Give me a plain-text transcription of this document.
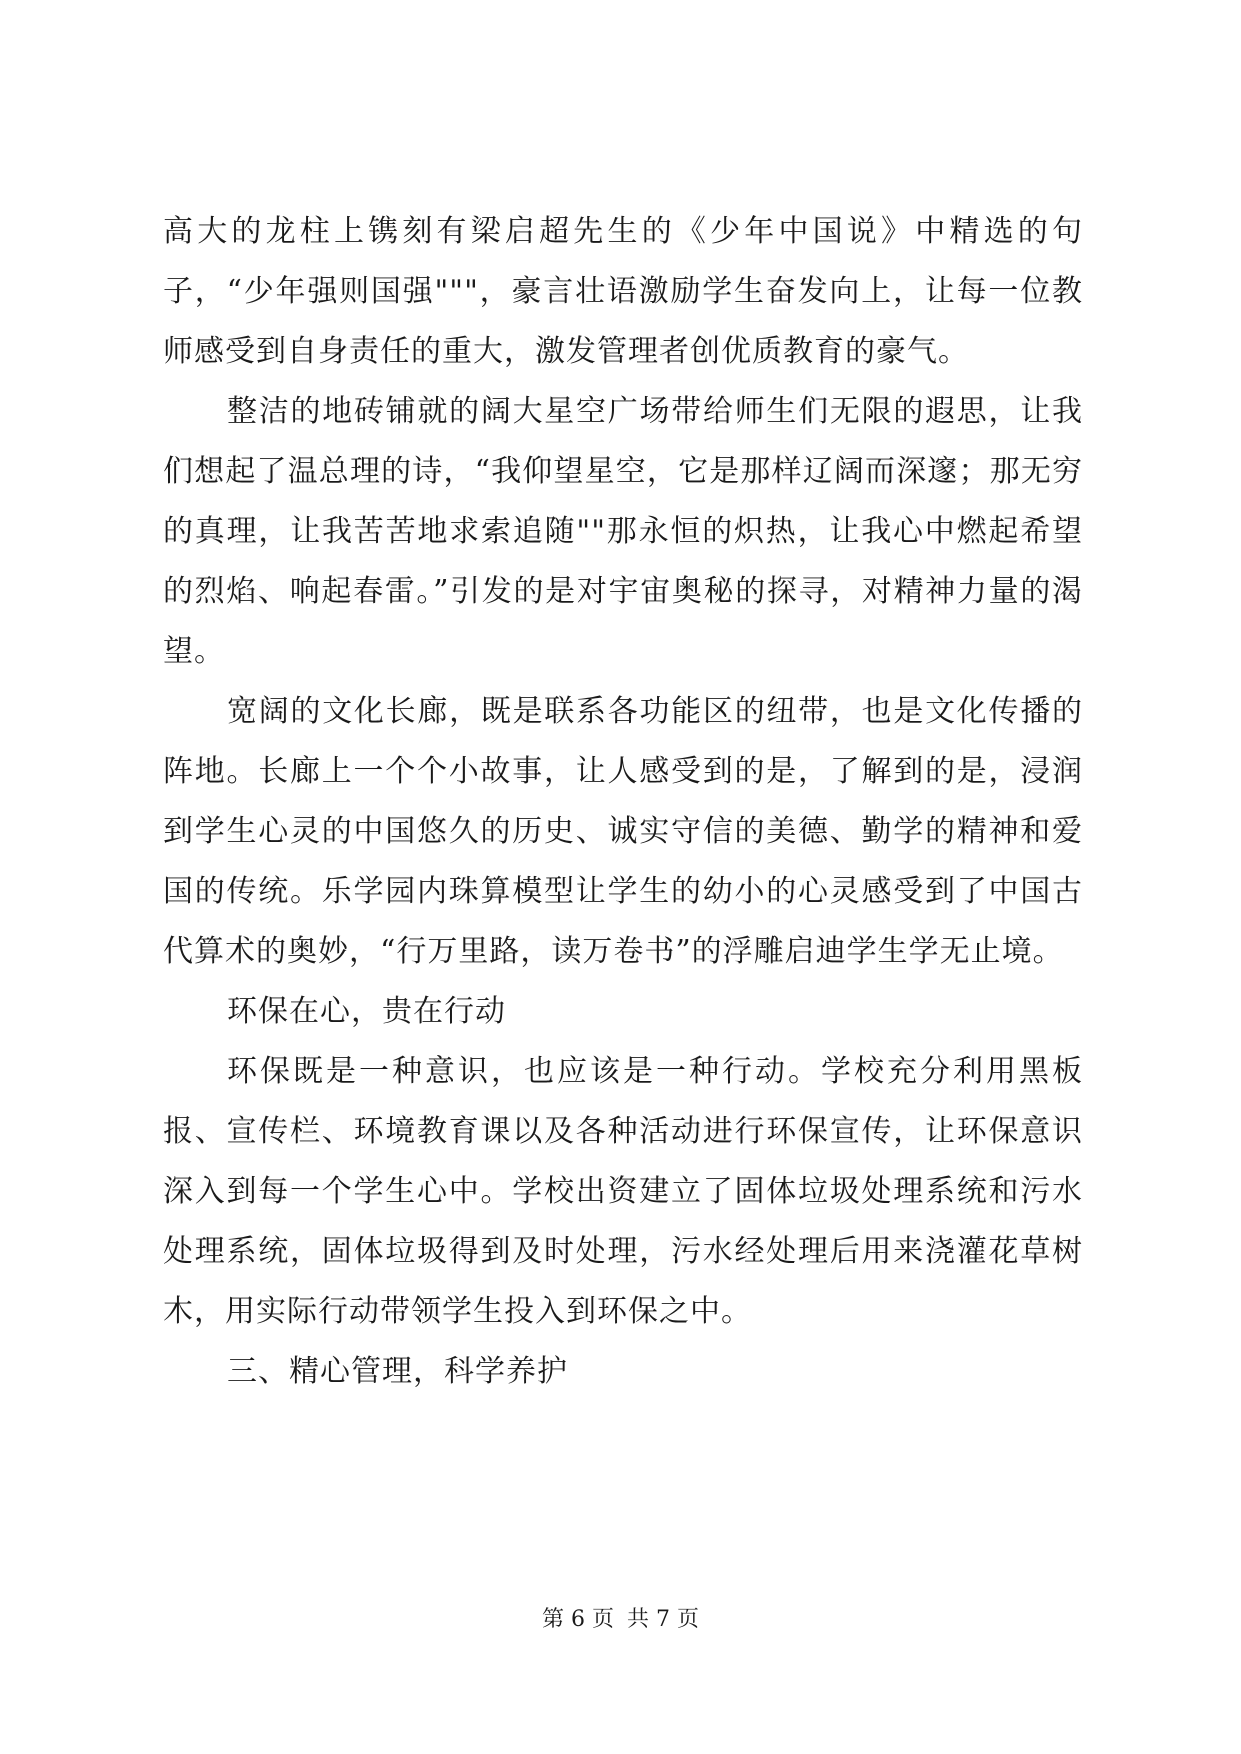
高大的龙柱上镌刻有梁启超先生的《少年中国说》中精选的句子，“少年强则国强"""，豪言壮语激励学生奋发向上，让每一位教师感受到自身责任的重大，激发管理者创优质教育的豪气。

整洁的地砖铺就的阔大星空广场带给师生们无限的遐思，让我们想起了温总理的诗，“我仰望星空，它是那样辽阔而深邃；那无穷的真理，让我苦苦地求索追随""那永恒的炽热，让我心中燃起希望的烈焰、响起春雷。”引发的是对宇宙奥秘的探寻，对精神力量的渴望。

宽阔的文化长廊，既是联系各功能区的纽带，也是文化传播的阵地。长廊上一个个小故事，让人感受到的是，了解到的是，浸润到学生心灵的中国悠久的历史、诚实守信的美德、勤学的精神和爱国的传统。乐学园内珠算模型让学生的幼小的心灵感受到了中国古代算术的奥妙，“行万里路，读万卷书”的浮雕启迪学生学无止境。

环保在心，贵在行动

环保既是一种意识，也应该是一种行动。学校充分利用黑板报、宣传栏、环境教育课以及各种活动进行环保宣传，让环保意识深入到每一个学生心中。学校出资建立了固体垃圾处理系统和污水处理系统，固体垃圾得到及时处理，污水经处理后用来浇灌花草树木，用实际行动带领学生投入到环保之中。

三、精心管理，科学养护

第 6 页 共 7 页
